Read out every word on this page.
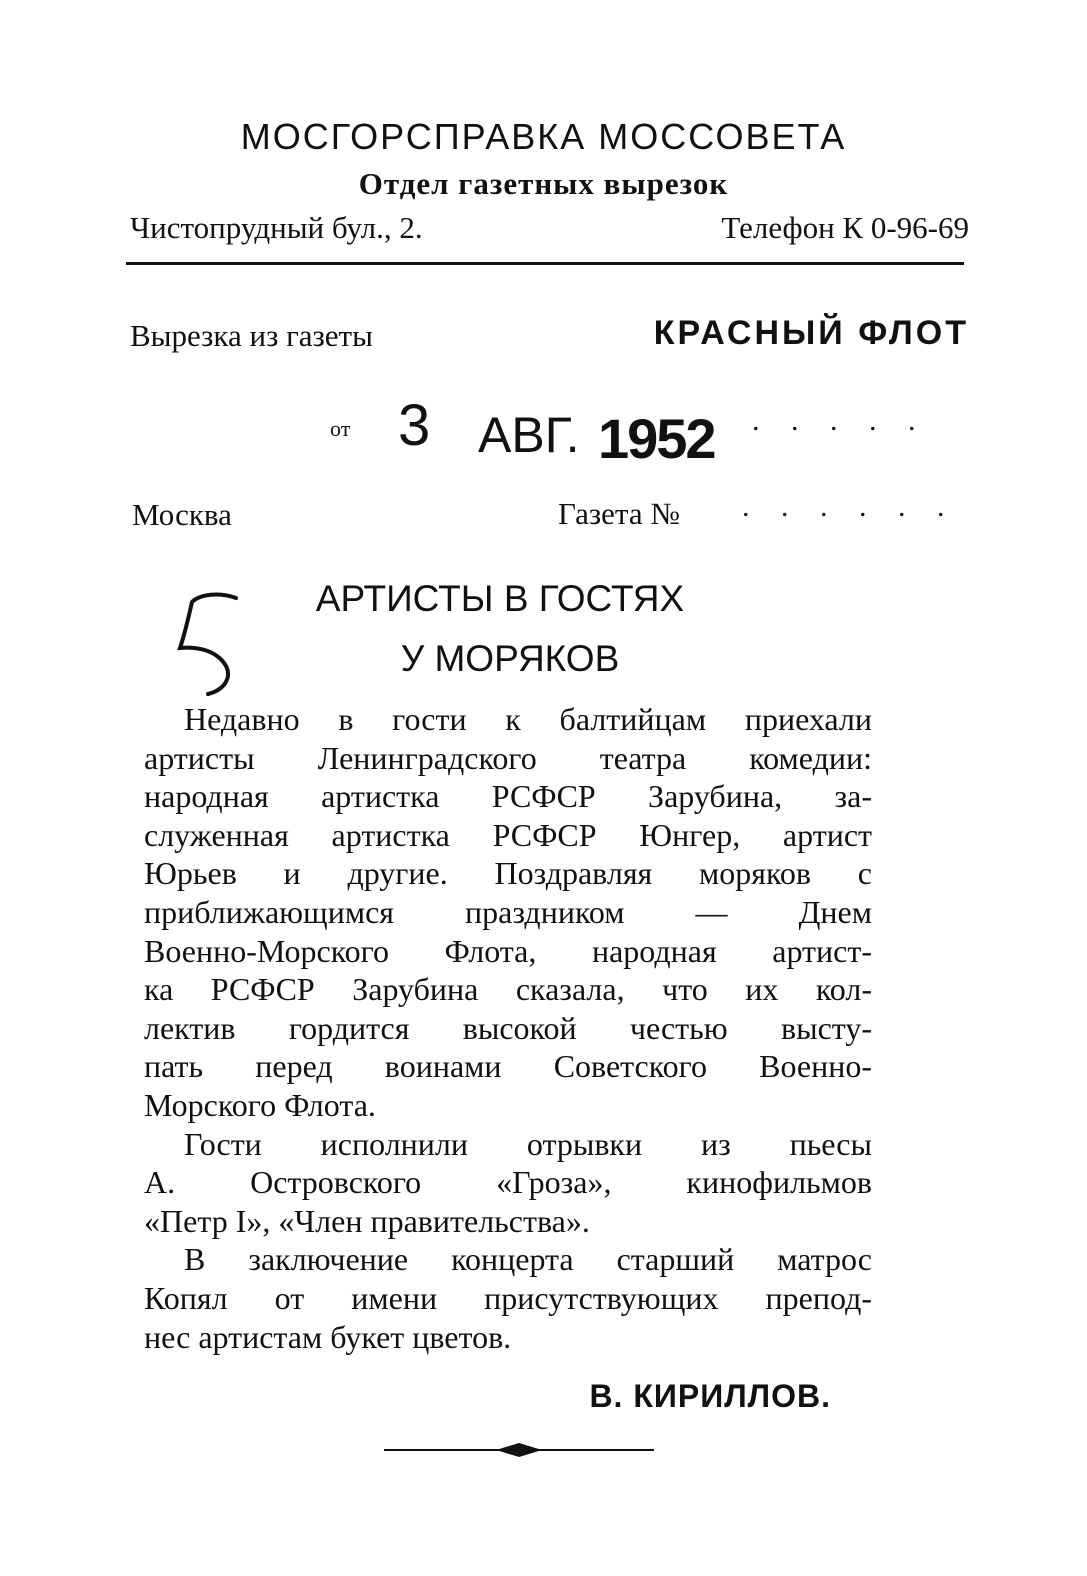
МОСГОРСПРАВКА МОССОВЕТА
Отдел газетных вырезок
Чистопрудный бул., 2.	Телефон К 0-96-69
Вырезка из газеты	КРАСНЫЙ ФЛОТ
от 3 АВГ. 1952 . . . . .
Москва	Газета № . . . . . .
АРТИСТЫ В ГОСТЯХ
У МОРЯКОВ
Недавно в гости к балтийцам приехали
артисты Ленинградского театра комедии:
народная артистка РСФСР Зарубина, за-
служенная артистка РСФСР Юнгер, артист
Юрьев и другие. Поздравляя моряков с
приближающимся праздником — Днем
Военно-Морского Флота, народная артист-
ка РСФСР Зарубина сказала, что их кол-
лектив гордится высокой честью высту-
пать перед воинами Советского Военно-
Морского Флота.
Гости исполнили отрывки из пьесы
А. Островского «Гроза», кинофильмов
«Петр I», «Член правительства».
В заключение концерта старший матрос
Копял от имени присутствующих препод-
нес артистам букет цветов.
В. КИРИЛЛОВ.
